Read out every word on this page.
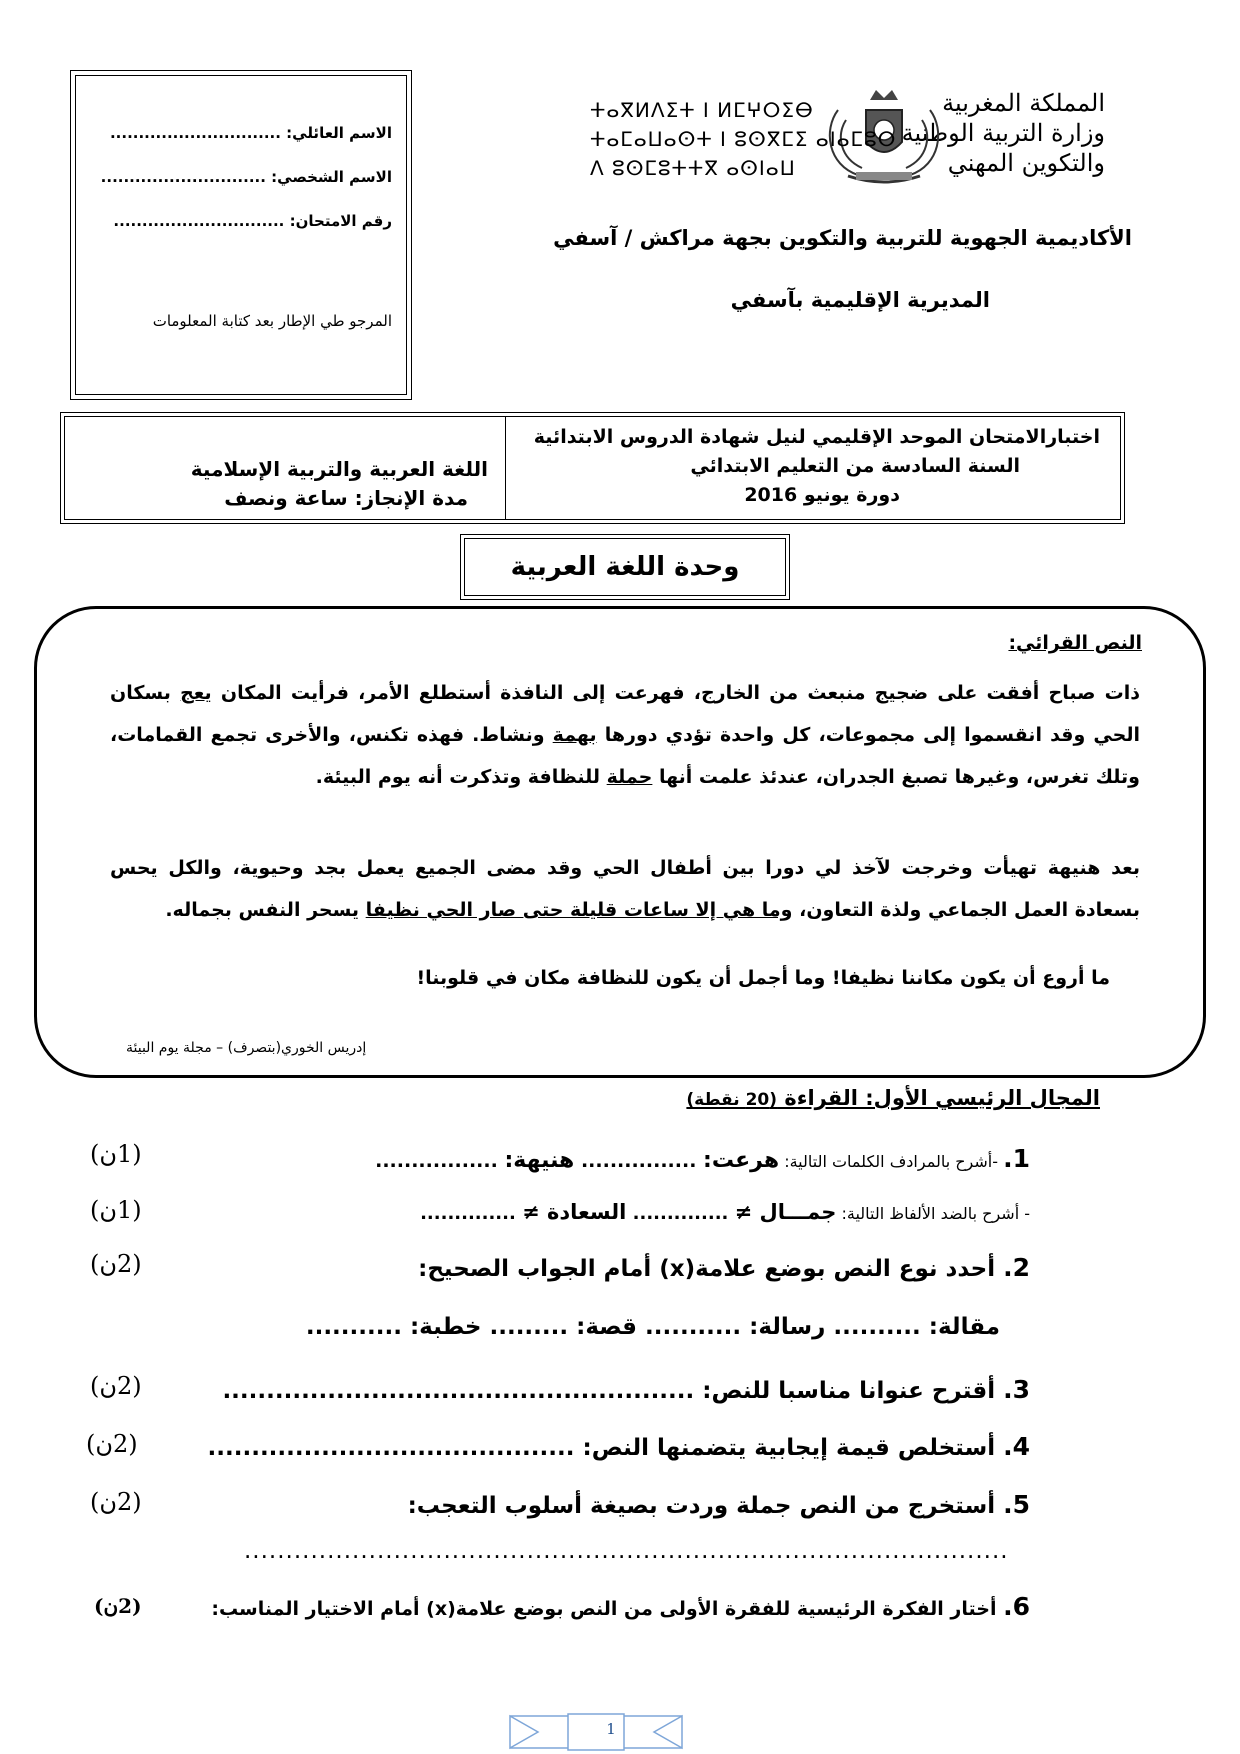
الاسم العائلي: ..............................
الاسم الشخصي: .............................
رقم الامتحان: ..............................
المرجو طي الإطار بعد كتابة المعلومات
المملكة المغربية
وزارة التربية الوطنية
والتكوين المهني
ⵜⴰⴳⵍⴷⵉⵜ ⵏ ⵍⵎⵖⵔⵉⴱ
ⵜⴰⵎⴰⵡⴰⵙⵜ ⵏ ⵓⵙⴳⵎⵉ ⴰⵏⴰⵎⵓⵔ
ⴷ ⵓⵙⵎⵓⵜⵜⴳ ⴰⵙⵏⴰⵡ
الأكاديمية الجهوية للتربية والتكوين بجهة مراكش / آسفي
المديرية الإقليمية بآسفي
اختبارالامتحان الموحد الإقليمي لنيل شهادة الدروس الابتدائية
السنة السادسة من التعليم الابتدائي
دورة يونيو 2016
اللغة العربية والتربية الإسلامية
مدة الإنجاز: ساعة ونصف
وحدة اللغة العربية
النص القرائي:
ذات صباح أفقت على ضجيج منبعث من الخارج، فهرعت إلى النافذة أستطلع الأمر، فرأيت المكان يعج بسكان الحي وقد انقسموا إلى مجموعات، كل واحدة تؤدي دورها بهمة ونشاط. فهذه تكنس، والأخرى تجمع القمامات، وتلك تغرس، وغيرها تصبغ الجدران، عندئذ علمت أنها حملة للنظافة وتذكرت أنه يوم البيئة.
بعد هنيهة تهيأت وخرجت لآخذ لي دورا بين أطفال الحي وقد مضى الجميع يعمل بجد وحيوية، والكل يحس بسعادة العمل الجماعي ولذة التعاون، وما هي إلا ساعات قليلة حتى صار الحي نظيفا يسحر النفس بجماله.
ما أروع أن يكون مكاننا نظيفا! وما أجمل أن يكون للنظافة مكان في قلوبنا!
إدريس الخوري(بتصرف) – مجلة يوم البيئة
المجال الرئيسي الأول: القراءة (20 نقطة)
1. -أشرح بالمرادف الكلمات التالية: هرعت: ................ هنيهة: .................
(1ن)
- أشرح بالضد الألفاظ التالية: جمـــال ≠ .............. السعادة ≠ ..............
(1ن)
2. أحدد نوع النص بوضع علامة(x) أمام الجواب الصحيح:
(2ن)
مقالة: .......... رسالة: ........... قصة: ......... خطبة: ...........
3. أقترح عنوانا مناسبا للنص: ......................................................
(2ن)
4. أستخلص قيمة إيجابية يتضمنها النص: ..........................................
(2ن)
5. أستخرج من النص جملة وردت بصيغة أسلوب التعجب:
(2ن)
............................................................................................
6. أختار الفكرة الرئيسية للفقرة الأولى من النص بوضع علامة(x) أمام الاختيار المناسب:
(2ن)
1
